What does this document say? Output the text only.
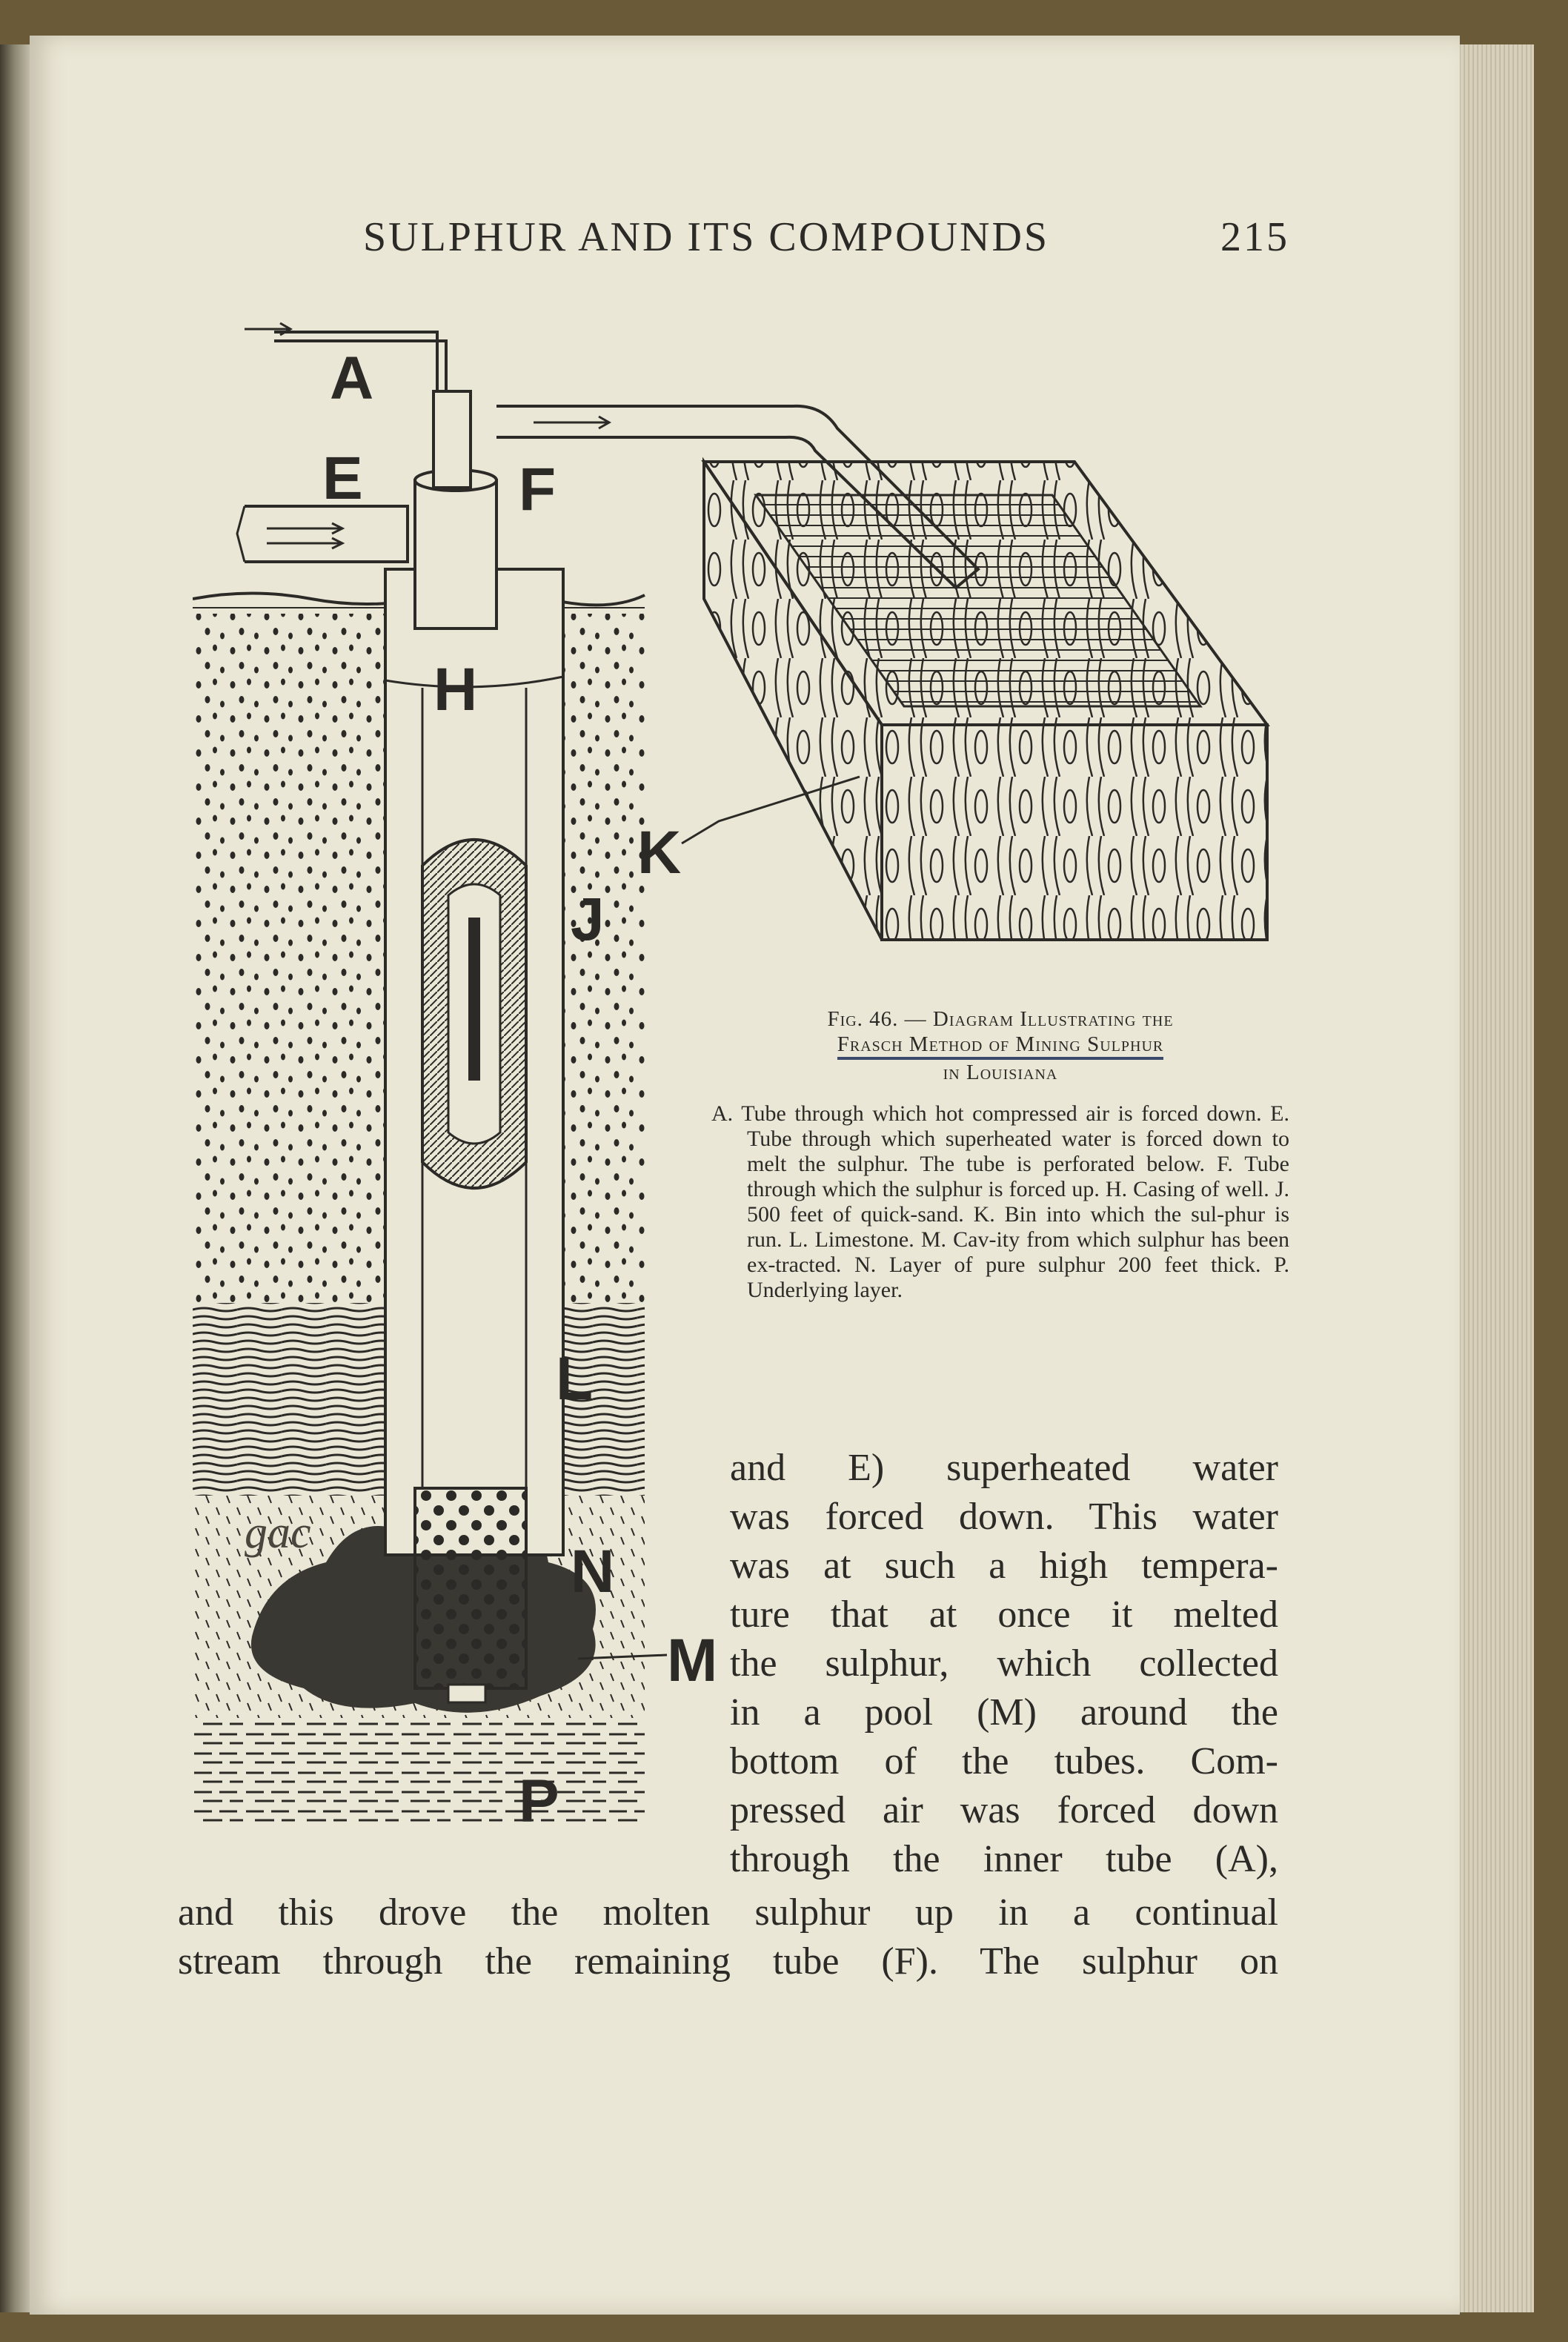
SULPHUR AND ITS COMPOUNDS	215
A
E	F
H
J
K
L
N
M
P
gac
Fig. 46. — Diagram Illustrating the
Frasch Method of Mining Sulphur
in Louisiana
A. Tube through which hot compressed air is forced down. E. Tube through which superheated water is forced down to melt the sulphur. The tube is perforated below. F. Tube through which the sulphur is forced up. H. Casing of well. J. 500 feet of quick-sand. K. Bin into which the sul-phur is run. L. Limestone. M. Cav-ity from which sulphur has been ex-tracted. N. Layer of pure sulphur 200 feet thick. P. Underlying layer.
and E) superheated water
was forced down. This water
was at such a high tempera-
ture that at once it melted
the sulphur, which collected
in a pool (M) around the
bottom of the tubes. Com-
pressed air was forced down
through the inner tube (A),
and this drove the molten sulphur up in a continual
stream through the remaining tube (F). The sulphur on
